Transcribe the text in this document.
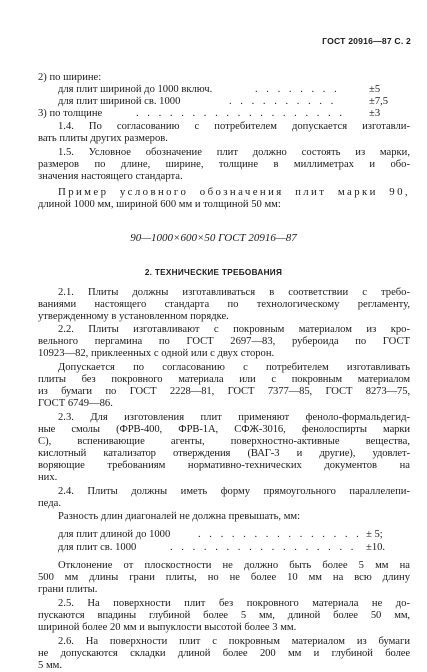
ГОСТ 20916—87 С. 2
2) по ширине:
для плит шириной до 1000 включ.	. . . . . . . .	±5
для плит шириной св. 1000	. . . . . . . . . .	±7,5
3) по толщине	. . . . . . . . . . . . . . . . . . . ±3
1.4. По согласованию с потребителем допускается изготавли-
вать плиты других размеров.
1.5. Условное обозначение плит должно состоять из марки,
размеров по длине, ширине, толщине в миллиметрах и обо-
значения настоящего стандарта.
Пример условного обозначения плит марки 90,
длиной 1000 мм, шириной 600 мм и толщиной 50 мм:
90—1000×600×50 ГОСТ 20916—87
2. ТЕХНИЧЕСКИЕ ТРЕБОВАНИЯ
2.1. Плиты должны изготавливаться в соответствии с требо-
ваниями настоящего стандарта по технологическому регламенту,
утвержденному в установленном порядке.
2.2. Плиты изготавливают с покровным материалом из кро-
вельного пергамина по ГОСТ 2697—83, рубероида по ГОСТ
10923—82, приклеенных с одной или с двух сторон.
Допускается по согласованию с потребителем изготавливать
плиты без покровного материала или с покровным материалом
из бумаги по ГОСТ 2228—81, ГОСТ 7377—85, ГОСТ 8273—75,
ГОСТ 6749—86.
2.3. Для изготовления плит применяют феноло-формальдегид-
ные смолы (ФРВ-400, ФРВ-1А, СФЖ-3016, фенолоспирты марки
С), вспенивающие агенты, поверхностно-активные вещества,
кислотный катализатор отверждения (ВАГ-3 и другие), удовлет-
воряющие требованиям нормативно-технических документов на
них.
2.4. Плиты должны иметь форму прямоугольного параллелепи-
педа.
Разность длин диагоналей не должна превышать, мм:
для плит длиной до 1000	. . . . . . . . . . . . . . . ± 5;
для плит св. 1000	. . . . . . . . . . . . . . . . . ±10.
Отклонение от плоскостности не должно быть более 5 мм на
500 мм длины грани плиты, но не более 10 мм на всю длину
грани плиты.
2.5. На поверхности плит без покровного материала не до-
пускаются впадины глубиной более 5 мм, длиной более 50 мм,
шириной более 20 мм и выпуклости высотой более 3 мм.
2.6. На поверхности плит с покровным материалом из бумаги
не допускаются складки длиной более 200 мм и глубиной более
5 мм.
